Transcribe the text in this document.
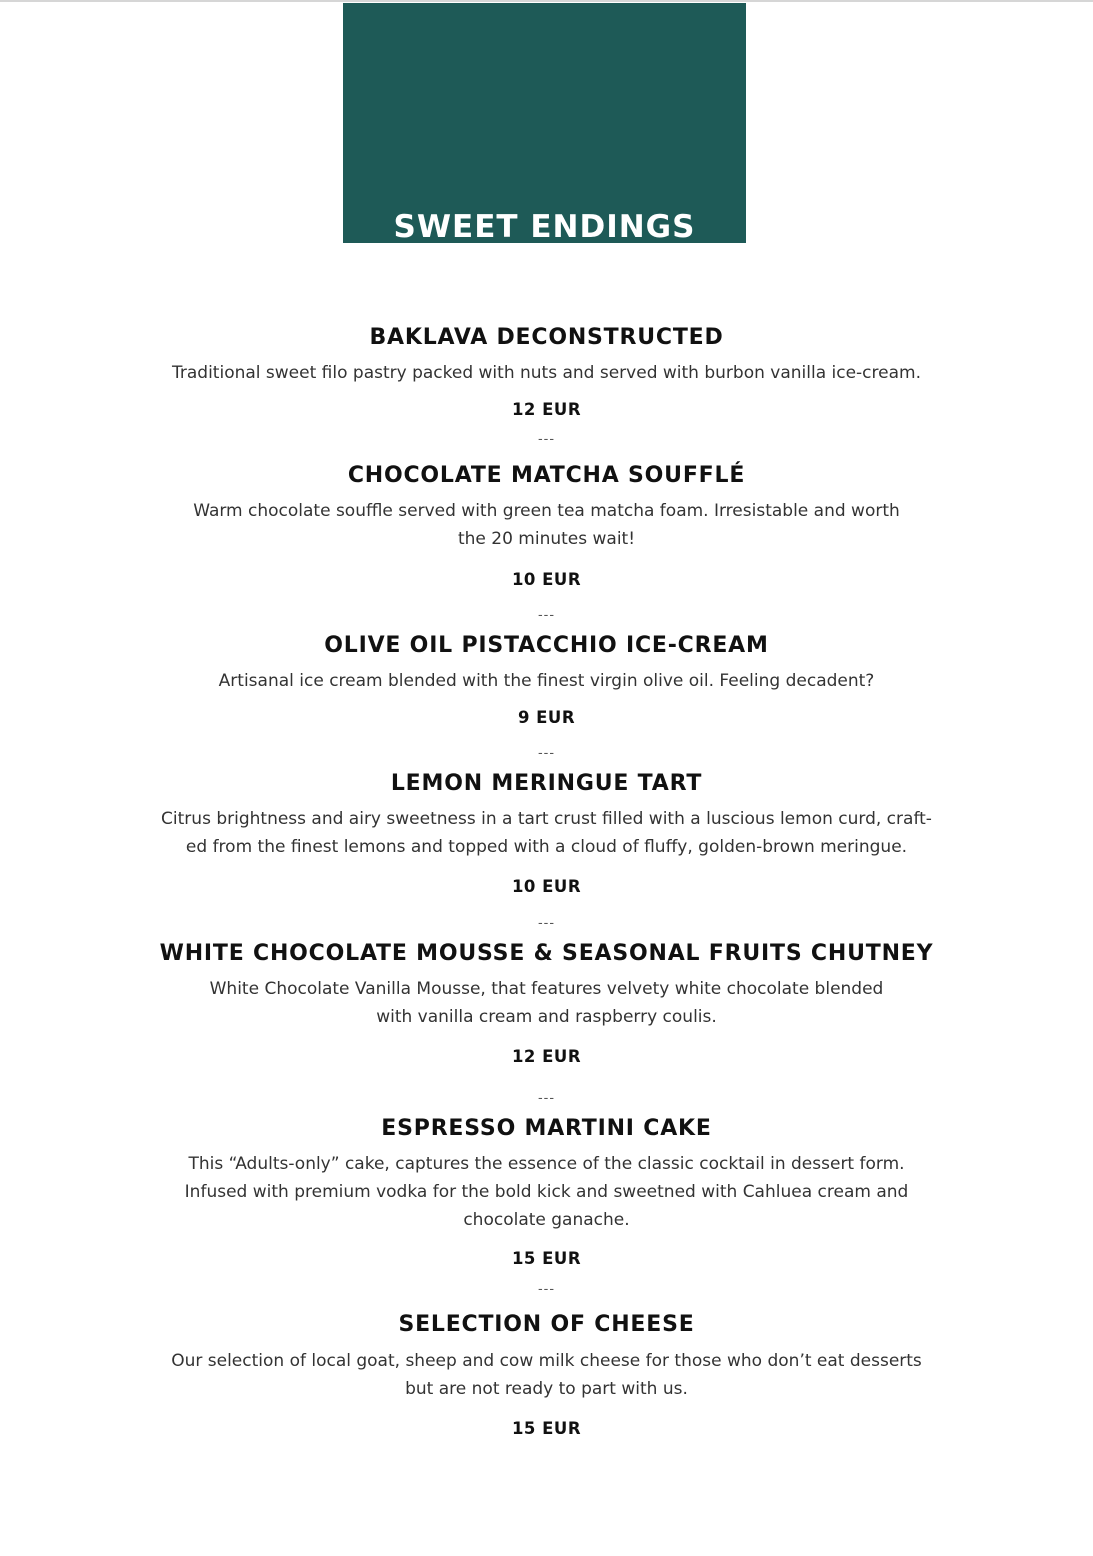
SWEET ENDINGS
BAKLAVA DECONSTRUCTED
Traditional sweet filo pastry packed with nuts and served with burbon vanilla ice-cream.
12 EUR
---
CHOCOLATE MATCHA SOUFFLÉ
Warm chocolate souffle served with green tea matcha foam. Irresistable and worth
the 20 minutes wait!
10 EUR
---
OLIVE OIL PISTACCHIO ICE-CREAM
Artisanal ice cream blended with the finest virgin olive oil. Feeling decadent?
9 EUR
---
LEMON MERINGUE TART
Citrus brightness and airy sweetness in a tart crust filled with a luscious lemon curd, craft-
ed from the finest lemons and topped with a cloud of fluffy, golden-brown meringue.
10 EUR
---
WHITE CHOCOLATE MOUSSE & SEASONAL FRUITS CHUTNEY
White Chocolate Vanilla Mousse, that features velvety white chocolate blended
with vanilla cream and raspberry coulis.
12 EUR
---
ESPRESSO MARTINI CAKE
This “Adults-only” cake, captures the essence of the classic cocktail in dessert form.
Infused with premium vodka for the bold kick and sweetned with Cahluea cream and
chocolate ganache.
15 EUR
---
SELECTION OF CHEESE
Our selection of local goat, sheep and cow milk cheese for those who don’t eat desserts
but are not ready to part with us.
15 EUR
